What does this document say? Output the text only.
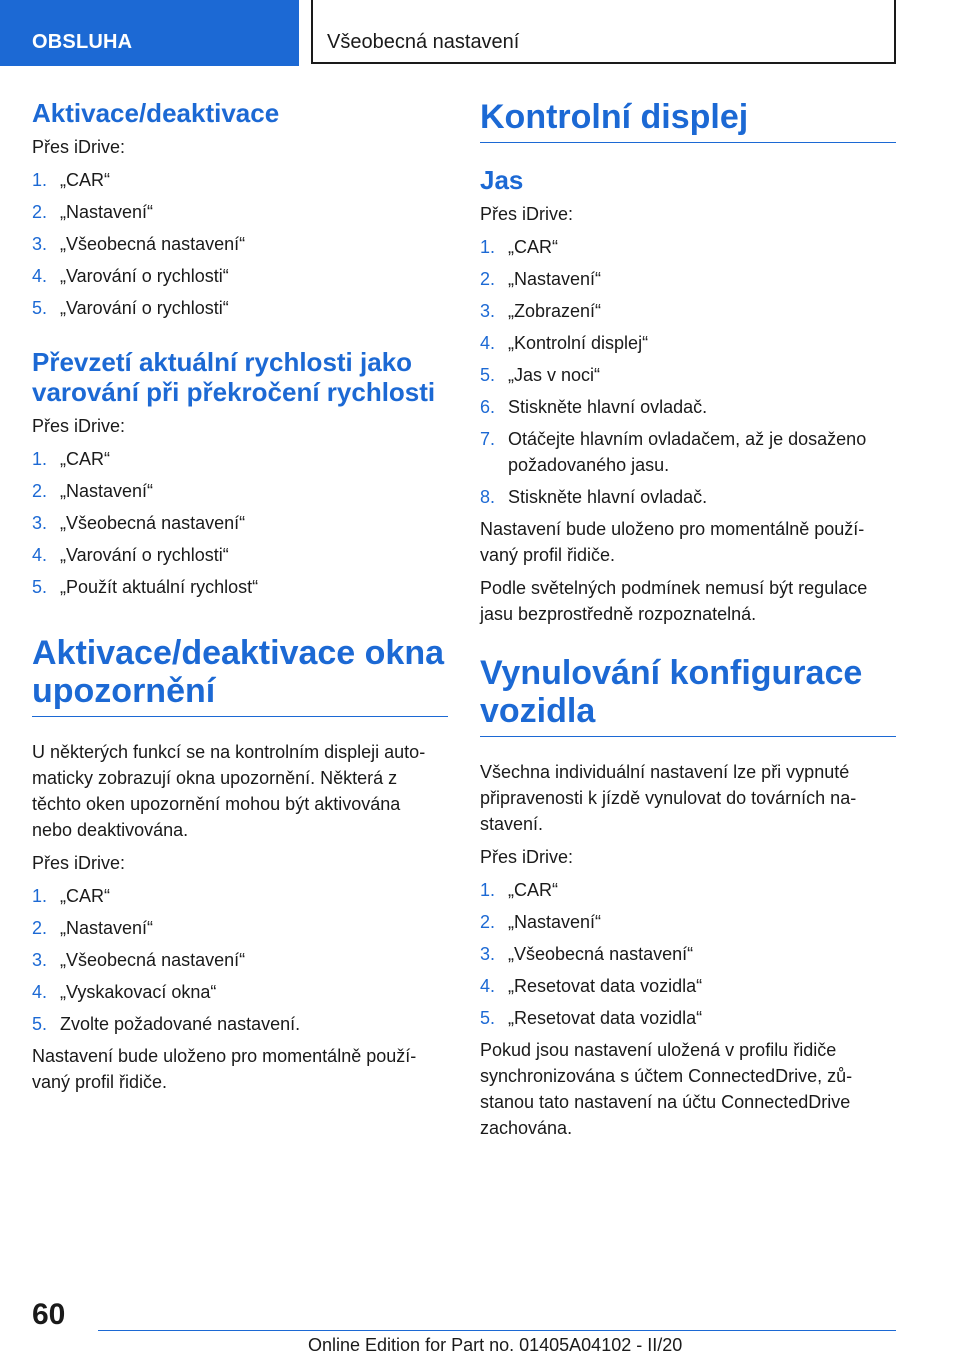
OBSLUHA	Všeobecná nastavení
Aktivace/deaktivace
Přes iDrive:
1. „CAR“
2. „Nastavení“
3. „Všeobecná nastavení“
4. „Varování o rychlosti“
5. „Varování o rychlosti“
Převzetí aktuální rychlosti jako
varování při překročení rychlosti
Přes iDrive:
1. „CAR“
2. „Nastavení“
3. „Všeobecná nastavení“
4. „Varování o rychlosti“
5. „Použít aktuální rychlost“
Aktivace/deaktivace okna
upozornění
U některých funkcí se na kontrolním displeji auto-
maticky zobrazují okna upozornění. Některá z
těchto oken upozornění mohou být aktivována
nebo deaktivována.
Přes iDrive:
1. „CAR“
2. „Nastavení“
3. „Všeobecná nastavení“
4. „Vyskakovací okna“
5. Zvolte požadované nastavení.
Nastavení bude uloženo pro momentálně použí-
vaný profil řidiče.
Kontrolní displej
Jas
Přes iDrive:
1. „CAR“
2. „Nastavení“
3. „Zobrazení“
4. „Kontrolní displej“
5. „Jas v noci“
6. Stiskněte hlavní ovladač.
7. Otáčejte hlavním ovladačem, až je dosaženo
požadovaného jasu.
8. Stiskněte hlavní ovladač.
Nastavení bude uloženo pro momentálně použí-
vaný profil řidiče.
Podle světelných podmínek nemusí být regulace
jasu bezprostředně rozpoznatelná.
Vynulování konfigurace
vozidla
Všechna individuální nastavení lze při vypnuté
připravenosti k jízdě vynulovat do továrních na-
stavení.
Přes iDrive:
1. „CAR“
2. „Nastavení“
3. „Všeobecná nastavení“
4. „Resetovat data vozidla“
5. „Resetovat data vozidla“
Pokud jsou nastavení uložená v profilu řidiče
synchronizována s účtem ConnectedDrive, zů-
stanou tato nastavení na účtu ConnectedDrive
zachována.
60
Online Edition for Part no. 01405A04102 - II/20
